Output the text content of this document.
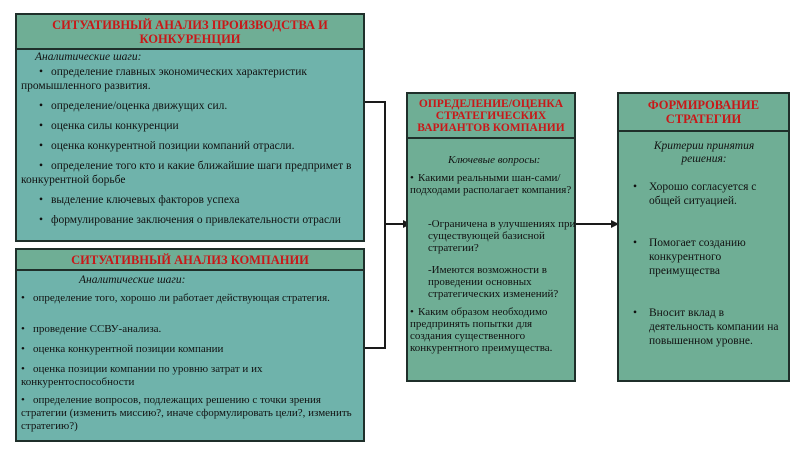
СИТУАТИВНЫЙ АНАЛИЗ ПРОИЗВОДСТВА И КОНКУРЕНЦИИ
Аналитические шаги:
• определение главных экономических характеристик промышленного развития.
• определение/оценка движущих сил.
• оценка силы конкуренции
• оценка конкурентной позиции компаний отрасли.
• определение того кто и какие ближайшие шаги предпримет в конкурентной борьбе
• выделение ключевых факторов успеха
• формулирование заключения о привлекательности отрасли
СИТУАТИВНЫЙ АНАЛИЗ КОМПАНИИ
Аналитические шаги:
• определение того, хорошо ли работает действующая стратегия.
• проведение ССВУ-анализа.
• оценка конкурентной позиции компании
• оценка позиции компании по уровню затрат и их конкурентоспособности
• определение вопросов, подлежащих решению с точки зрения стратегии (изменить миссию?, иначе сформулировать цели?, изменить стратегию?)
ОПРЕДЕЛЕНИЕ/ОЦЕНКА СТРАТЕГИЧЕСКИХ ВАРИАНТОВ КОМПАНИИ
Ключевые вопросы:
• Какими реальными шан-сами/подходами располагает компания?
-Ограничена в улучшениях при существующей базисной стратегии?
-Имеются возможности в проведении основных стратегических изменений?
• Каким образом необходимо предпринять попытки для создания существенного конкурентного преимущества.
ФОРМИРОВАНИЕ СТРАТЕГИИ
Критерии принятия решения:
• Хорошо согласуется с общей ситуацией.
• Помогает созданию конкурентного преимущества
• Вносит вклад в деятельность компании на повышенном уровне.
